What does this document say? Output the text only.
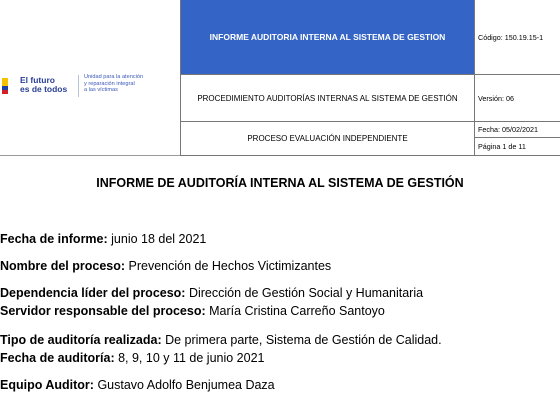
El futuro
es de todos
Unidad para la atención
y reparación integral
a las víctimas
INFORME AUDITORIA INTERNA AL SISTEMA DE GESTION
PROCEDIMIENTO AUDITORÍAS INTERNAS AL SISTEMA DE GESTIÓN
PROCESO EVALUACIÓN INDEPENDIENTE
Código: 150.19.15-1
Versión: 06
Fecha: 05/02/2021
Página 1 de 11
INFORME DE AUDITORÍA INTERNA AL SISTEMA DE GESTIÓN
Fecha de informe: junio 18 del 2021
Nombre del proceso: Prevención de Hechos Victimizantes
Dependencia líder del proceso: Dirección de Gestión Social y Humanitaria
Servidor responsable del proceso: María Cristina Carreño Santoyo
Tipo de auditoría realizada: De primera parte, Sistema de Gestión de Calidad.
Fecha de auditoría: 8, 9, 10 y 11 de junio 2021
Equipo Auditor: Gustavo Adolfo Benjumea Daza
